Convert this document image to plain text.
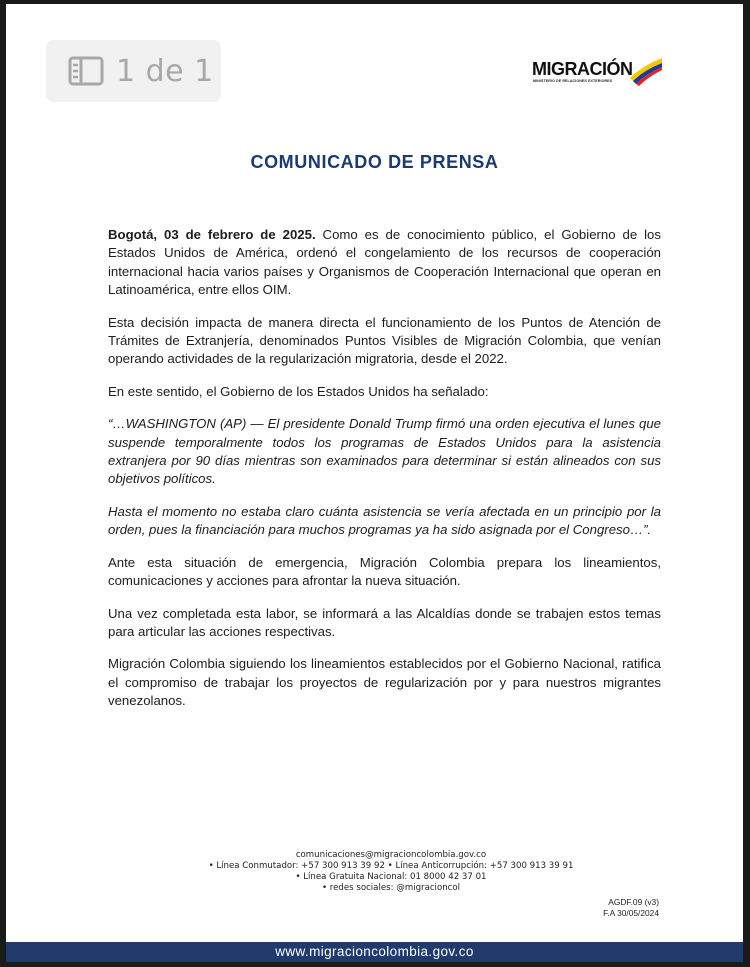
1 de 1	MIGRACIÓN
MINISTERIO DE RELACIONES EXTERIORES
COMUNICADO DE PRENSA

Bogotá, 03 de febrero de 2025. Como es de conocimiento público, el Gobierno de los Estados Unidos de América, ordenó el congelamiento de los recursos de cooperación internacional hacia varios países y Organismos de Cooperación Internacional que operan en Latinoamérica, entre ellos OIM.

Esta decisión impacta de manera directa el funcionamiento de los Puntos de Atención de Trámites de Extranjería, denominados Puntos Visibles de Migración Colombia, que venían operando actividades de la regularización migratoria, desde el 2022.

En este sentido, el Gobierno de los Estados Unidos ha señalado:

“…WASHINGTON (AP) — El presidente Donald Trump firmó una orden ejecutiva el lunes que suspende temporalmente todos los programas de Estados Unidos para la asistencia extranjera por 90 días mientras son examinados para determinar si están alineados con sus objetivos políticos.

Hasta el momento no estaba claro cuánta asistencia se vería afectada en un principio por la orden, pues la financiación para muchos programas ya ha sido asignada por el Congreso…”.

Ante esta situación de emergencia, Migración Colombia prepara los lineamientos, comunicaciones y acciones para afrontar la nueva situación.

Una vez completada esta labor, se informará a las Alcaldías donde se trabajen estos temas para articular las acciones respectivas.

Migración Colombia siguiendo los lineamientos establecidos por el Gobierno Nacional, ratifica el compromiso de trabajar los proyectos de regularización por y para nuestros migrantes venezolanos.

comunicaciones@migracioncolombia.gov.co
• Línea Conmutador: +57 300 913 39 92 • Línea Anticorrupción: +57 300 913 39 91
• Línea Gratuita Nacional: 01 8000 42 37 01
• redes sociales: @migracioncol
AGDF.09 (v3)
F.A 30/05/2024
www.migracioncolombia.gov.co
